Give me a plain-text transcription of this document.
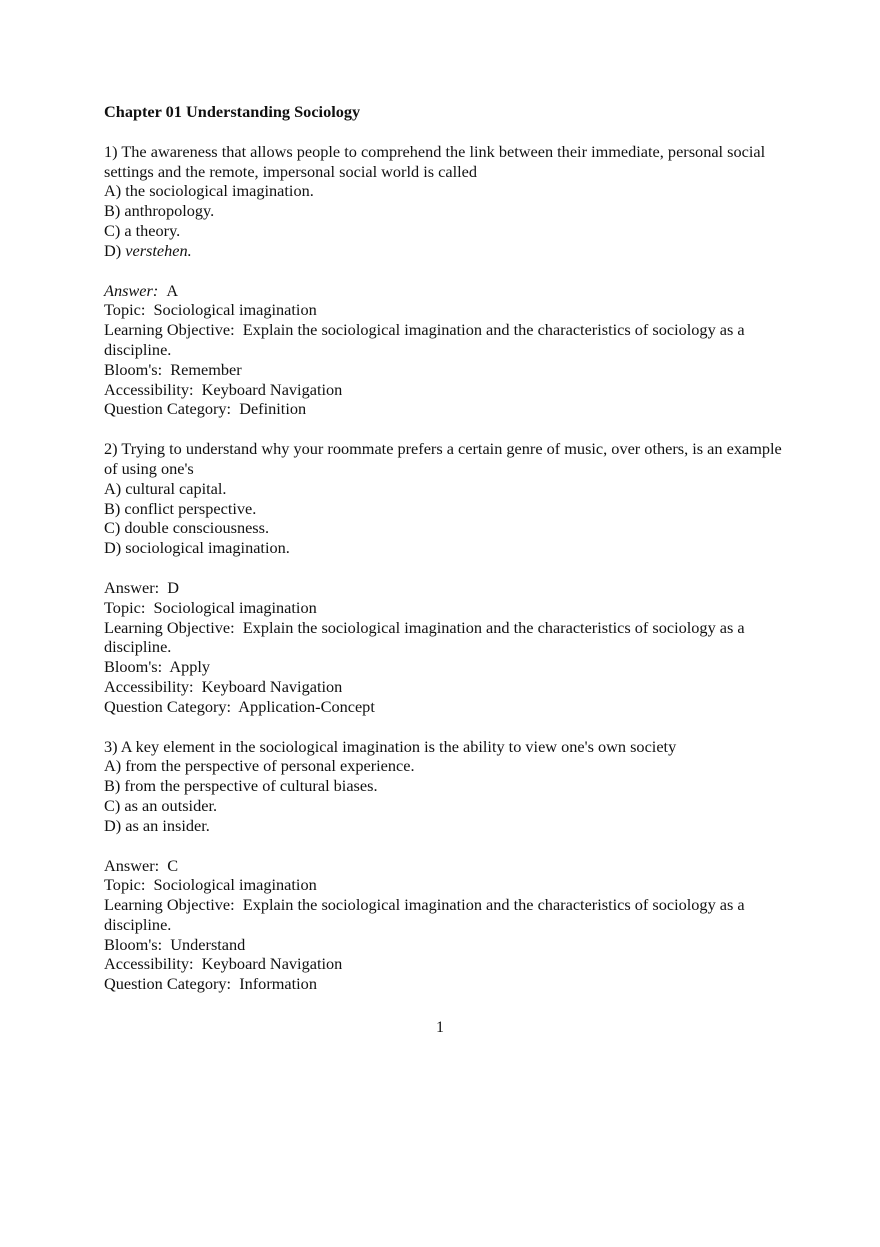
Chapter 01 Understanding Sociology

1) The awareness that allows people to comprehend the link between their immediate, personal social settings and the remote, impersonal social world is called

A) the sociological imagination.
B) anthropology.
C) a theory.
D) verstehen.
Answer: A
Topic:  Sociological imagination
Learning Objective:  Explain the sociological imagination and the characteristics of sociology as a discipline.
Bloom's:  Remember
Accessibility:  Keyboard Navigation
Question Category:  Definition

2) Trying to understand why your roommate prefers a certain genre of music, over others, is an example of using one's

A) cultural capital.
B) conflict perspective.
C) double consciousness.
D) sociological imagination.
Answer:  D
Topic:  Sociological imagination
Learning Objective:  Explain the sociological imagination and the characteristics of sociology as a discipline.
Bloom's:  Apply
Accessibility:  Keyboard Navigation
Question Category:  Application-Concept

3) A key element in the sociological imagination is the ability to view one's own society

A) from the perspective of personal experience.
B) from the perspective of cultural biases.
C) as an outsider.
D) as an insider.
Answer:  C
Topic:  Sociological imagination
Learning Objective:  Explain the sociological imagination and the characteristics of sociology as a discipline.
Bloom's:  Understand
Accessibility:  Keyboard Navigation
Question Category:  Information
1
